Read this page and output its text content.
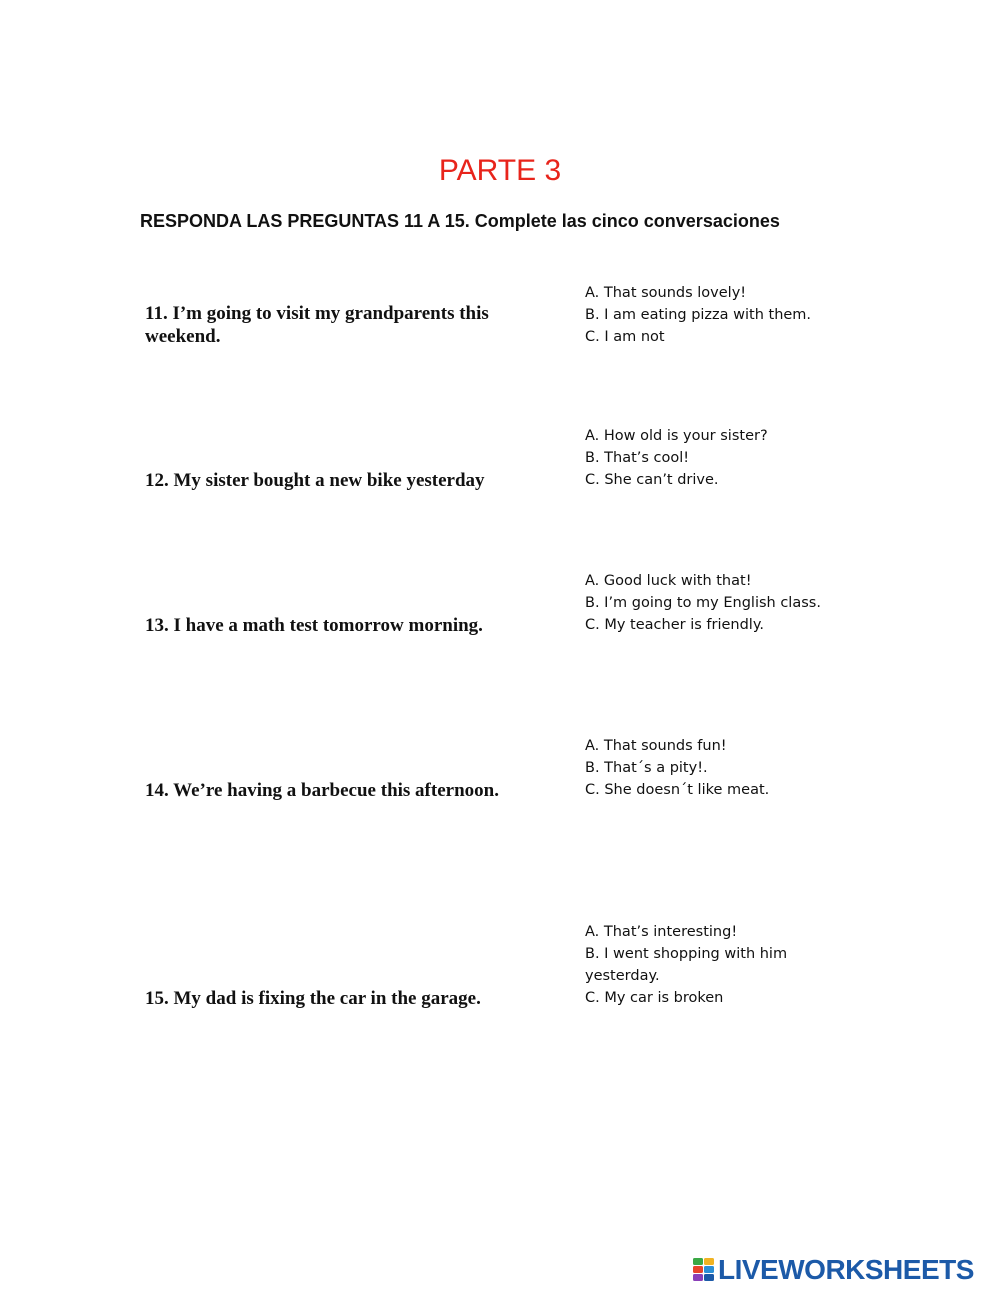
PARTE 3
RESPONDA LAS PREGUNTAS 11 A 15. Complete las cinco conversaciones
11. I’m going to visit my grandparents this weekend.
A. That sounds lovely!
B. I am eating pizza with them.
C. I am not
12. My sister bought a new bike yesterday
A. How old is your sister?
B. That’s cool!
C. She can’t drive.
13. I have a math test tomorrow morning.
A. Good luck with that!
B. I’m going to my English class.
C. My teacher is friendly.
14. We’re having a barbecue this afternoon.
A. That sounds fun!
B. That´s a pity!.
C. She doesn´t like meat.
15. My dad is fixing the car in the garage.
A. That’s interesting!
B. I went shopping with him yesterday.
C. My car is broken
LIVEWORKSHEETS
